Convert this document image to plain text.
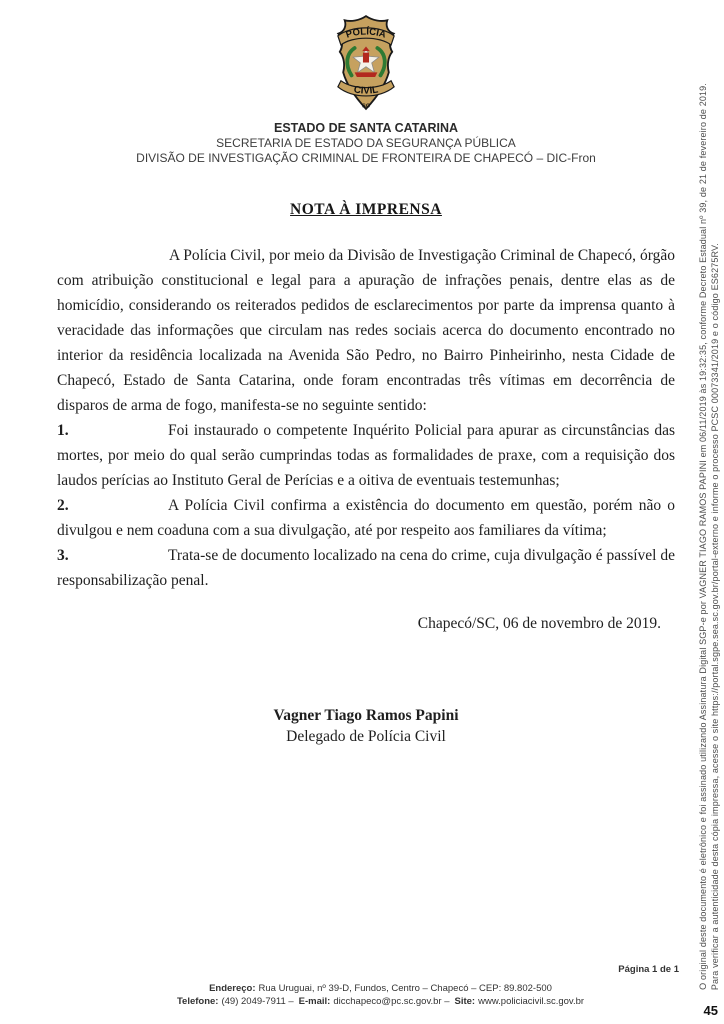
POLÍCIA
CIVIL
SC
ESTADO DE SANTA CATARINA
SECRETARIA DE ESTADO DA SEGURANÇA PÚBLICA
DIVISÃO DE INVESTIGAÇÃO CRIMINAL DE FRONTEIRA DE CHAPECÓ – DIC-Fron
NOTA À IMPRENSA

A Polícia Civil, por meio da Divisão de Investigação Criminal de Chapecó, órgão com atribuição constitucional e legal para a apuração de infrações penais, dentre elas as de homicídio, considerando os reiterados pedidos de esclarecimentos por parte da imprensa quanto à veracidade das informações que circulam nas redes sociais acerca do documento encontrado no interior da residência localizada na Avenida São Pedro, no Bairro Pinheirinho, nesta Cidade de Chapecó, Estado de Santa Catarina, onde foram encontradas três vítimas em decorrência de disparos de arma de fogo, manifesta-se no seguinte sentido:

1.	Foi instaurado o competente Inquérito Policial para apurar as circunstâncias das mortes, por meio do qual serão cumprindas todas as formalidades de praxe, com a requisição dos laudos perícias ao Instituto Geral de Perícias e a oitiva de eventuais testemunhas;

2.	A Polícia Civil confirma a existência do documento em questão, porém não o divulgou e nem coaduna com a sua divulgação, até por respeito aos familiares da vítima;

3.	Trata-se de documento localizado na cena do crime, cuja divulgação é passível de responsabilização penal.

Chapecó/SC, 06 de novembro de 2019.
Vagner Tiago Ramos Papini
Delegado de Polícia Civil
Página 1 de 1
Endereço: Rua Uruguai, nº 39-D, Fundos, Centro – Chapecó – CEP: 89.802-500
Telefone: (49) 2049-7911 – E-mail: dicchapeco@pc.sc.gov.br – Site: www.policiacivil.sc.gov.br
O original deste documento é eletrônico e foi assinado utilizando Assinatura Digital SGP-e por VAGNER TIAGO RAMOS PAPINI em 06/11/2019 às 19:32:35, conforme Decreto Estadual nº 39, de 21 de fevereiro de 2019. Para verificar a autenticidade desta cópia impressa, acesse o site https://portal.sgpe.sea.sc.gov.br/portal-externo e informe o processo PCSC 00073341/2019 e o código ES6275RV.
45
